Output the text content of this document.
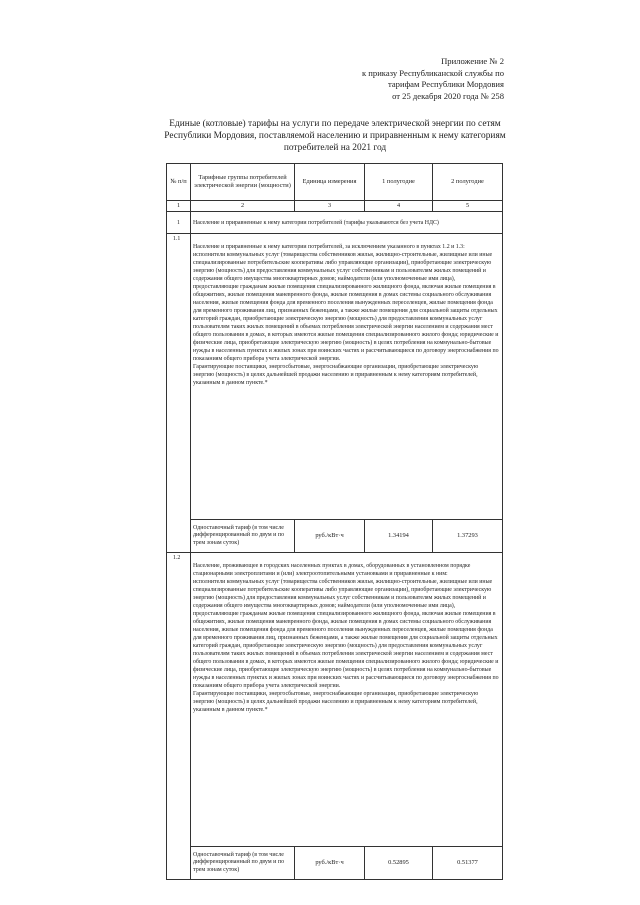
Приложение № 2
к приказу Республиканской службы по
тарифам Республики Мордовия
от 25 декабря 2020 года № 258
Единые (котловые) тарифы на услуги по передаче электрической энергии по сетям Республики Мордовия, поставляемой населению и приравненным к нему категориям потребителей на 2021 год
№ п/п	Тарифные группы потребителей электрической энергии (мощности)	Единица измерения	1 полугодие	2 полугодие
1	2	3	4	5
1	Население и приравненные к нему категории потребителей (тарифы указываются без учета НДС)			
1.1	Население и приравненные к нему категории потребителей, за исключением указанного в пунктах 1.2 и 1.3:
исполнители коммунальных услуг (товарищества собственников жилья, жилищно-строительные, жилищные или иные специализированные потребительские кооперативы либо управляющие организации), приобретающие электрическую энергию (мощность) для предоставления коммунальных услуг собственникам и пользователям жилых помещений и содержания общего имущества многоквартирных домов; наймодатели (или уполномоченные ими лица), предоставляющие гражданам жилые помещения специализированного жилищного фонда, включая жилые помещения в общежитиях, жилые помещения маневренного фонда, жилые помещения в домах системы социального обслуживания населения, жилые помещения фонда для временного поселения вынужденных переселенцев, жилые помещения фонда для временного проживания лиц, признанных беженцами, а также жилые помещения для социальной защиты отдельных категорий граждан, приобретающие электрическую энергию (мощность) для предоставления коммунальных услуг пользователям таких жилых помещений в объемах потребления электрической энергии населением и содержания мест общего пользования в домах, в которых имеются жилые помещения специализированного жилого фонда; юридические и физические лица, приобретающие электрическую энергию (мощность) в целях потребления на коммунально-бытовые нужды в населенных пунктах и жилых зонах при воинских частях и рассчитывающиеся по договору энергоснабжения по показаниям общего прибора учета электрической энергии.
Гарантирующие поставщики, энергосбытовые, энергоснабжающие организации, приобретающие электрическую энергию (мощность) в целях дальнейшей продажи населению и приравненным к нему категориям потребителей, указанным в данном пункте.*			

	Одноставочный тариф (в том числе дифференцированный по двум и по трем зонам суток)	руб./кВт·ч	1.34194	1.37293
1.2	Население, проживающее в городских населенных пунктах в домах, оборудованных в установленном порядке стационарными электроплитами и (или) электроотопительными установками и приравненные к ним:
исполнители коммунальных услуг (товарищества собственников жилья, жилищно-строительные, жилищные или иные специализированные потребительские кооперативы либо управляющие организации), приобретающие электрическую энергию (мощность) для предоставления коммунальных услуг собственникам и пользователям жилых помещений и содержания общего имущества многоквартирных домов; наймодатели (или уполномоченные ими лица), предоставляющие гражданам жилые помещения специализированного жилищного фонда, включая жилые помещения в общежитиях, жилые помещения маневренного фонда, жилые помещения в домах системы социального обслуживания населения, жилые помещения фонда для временного поселения вынужденных переселенцев, жилые помещения фонда для временного проживания лиц, признанных беженцами, а также жилые помещения для социальной защиты отдельных категорий граждан, приобретающие электрическую энергию (мощность) для предоставления коммунальных услуг пользователям таких жилых помещений в объемах потребления электрической энергии населением и содержания мест общего пользования в домах, в которых имеются жилые помещения специализированного жилого фонда; юридические и физические лица, приобретающие электрическую энергию (мощность) в целях потребления на коммунально-бытовые нужды в населенных пунктах и жилых зонах при воинских частях и рассчитывающиеся по договору энергоснабжения по показаниям общего прибора учета электрической энергии.
Гарантирующие поставщики, энергосбытовые, энергоснабжающие организации, приобретающие электрическую энергию (мощность) в целях дальнейшей продажи населению и приравненным к нему категориям потребителей, указанным в данном пункте.*			

	Одноставочный тариф (в том числе дифференцированный по двум и по трем зонам суток)	руб./кВт·ч	0.52895	0.51377
